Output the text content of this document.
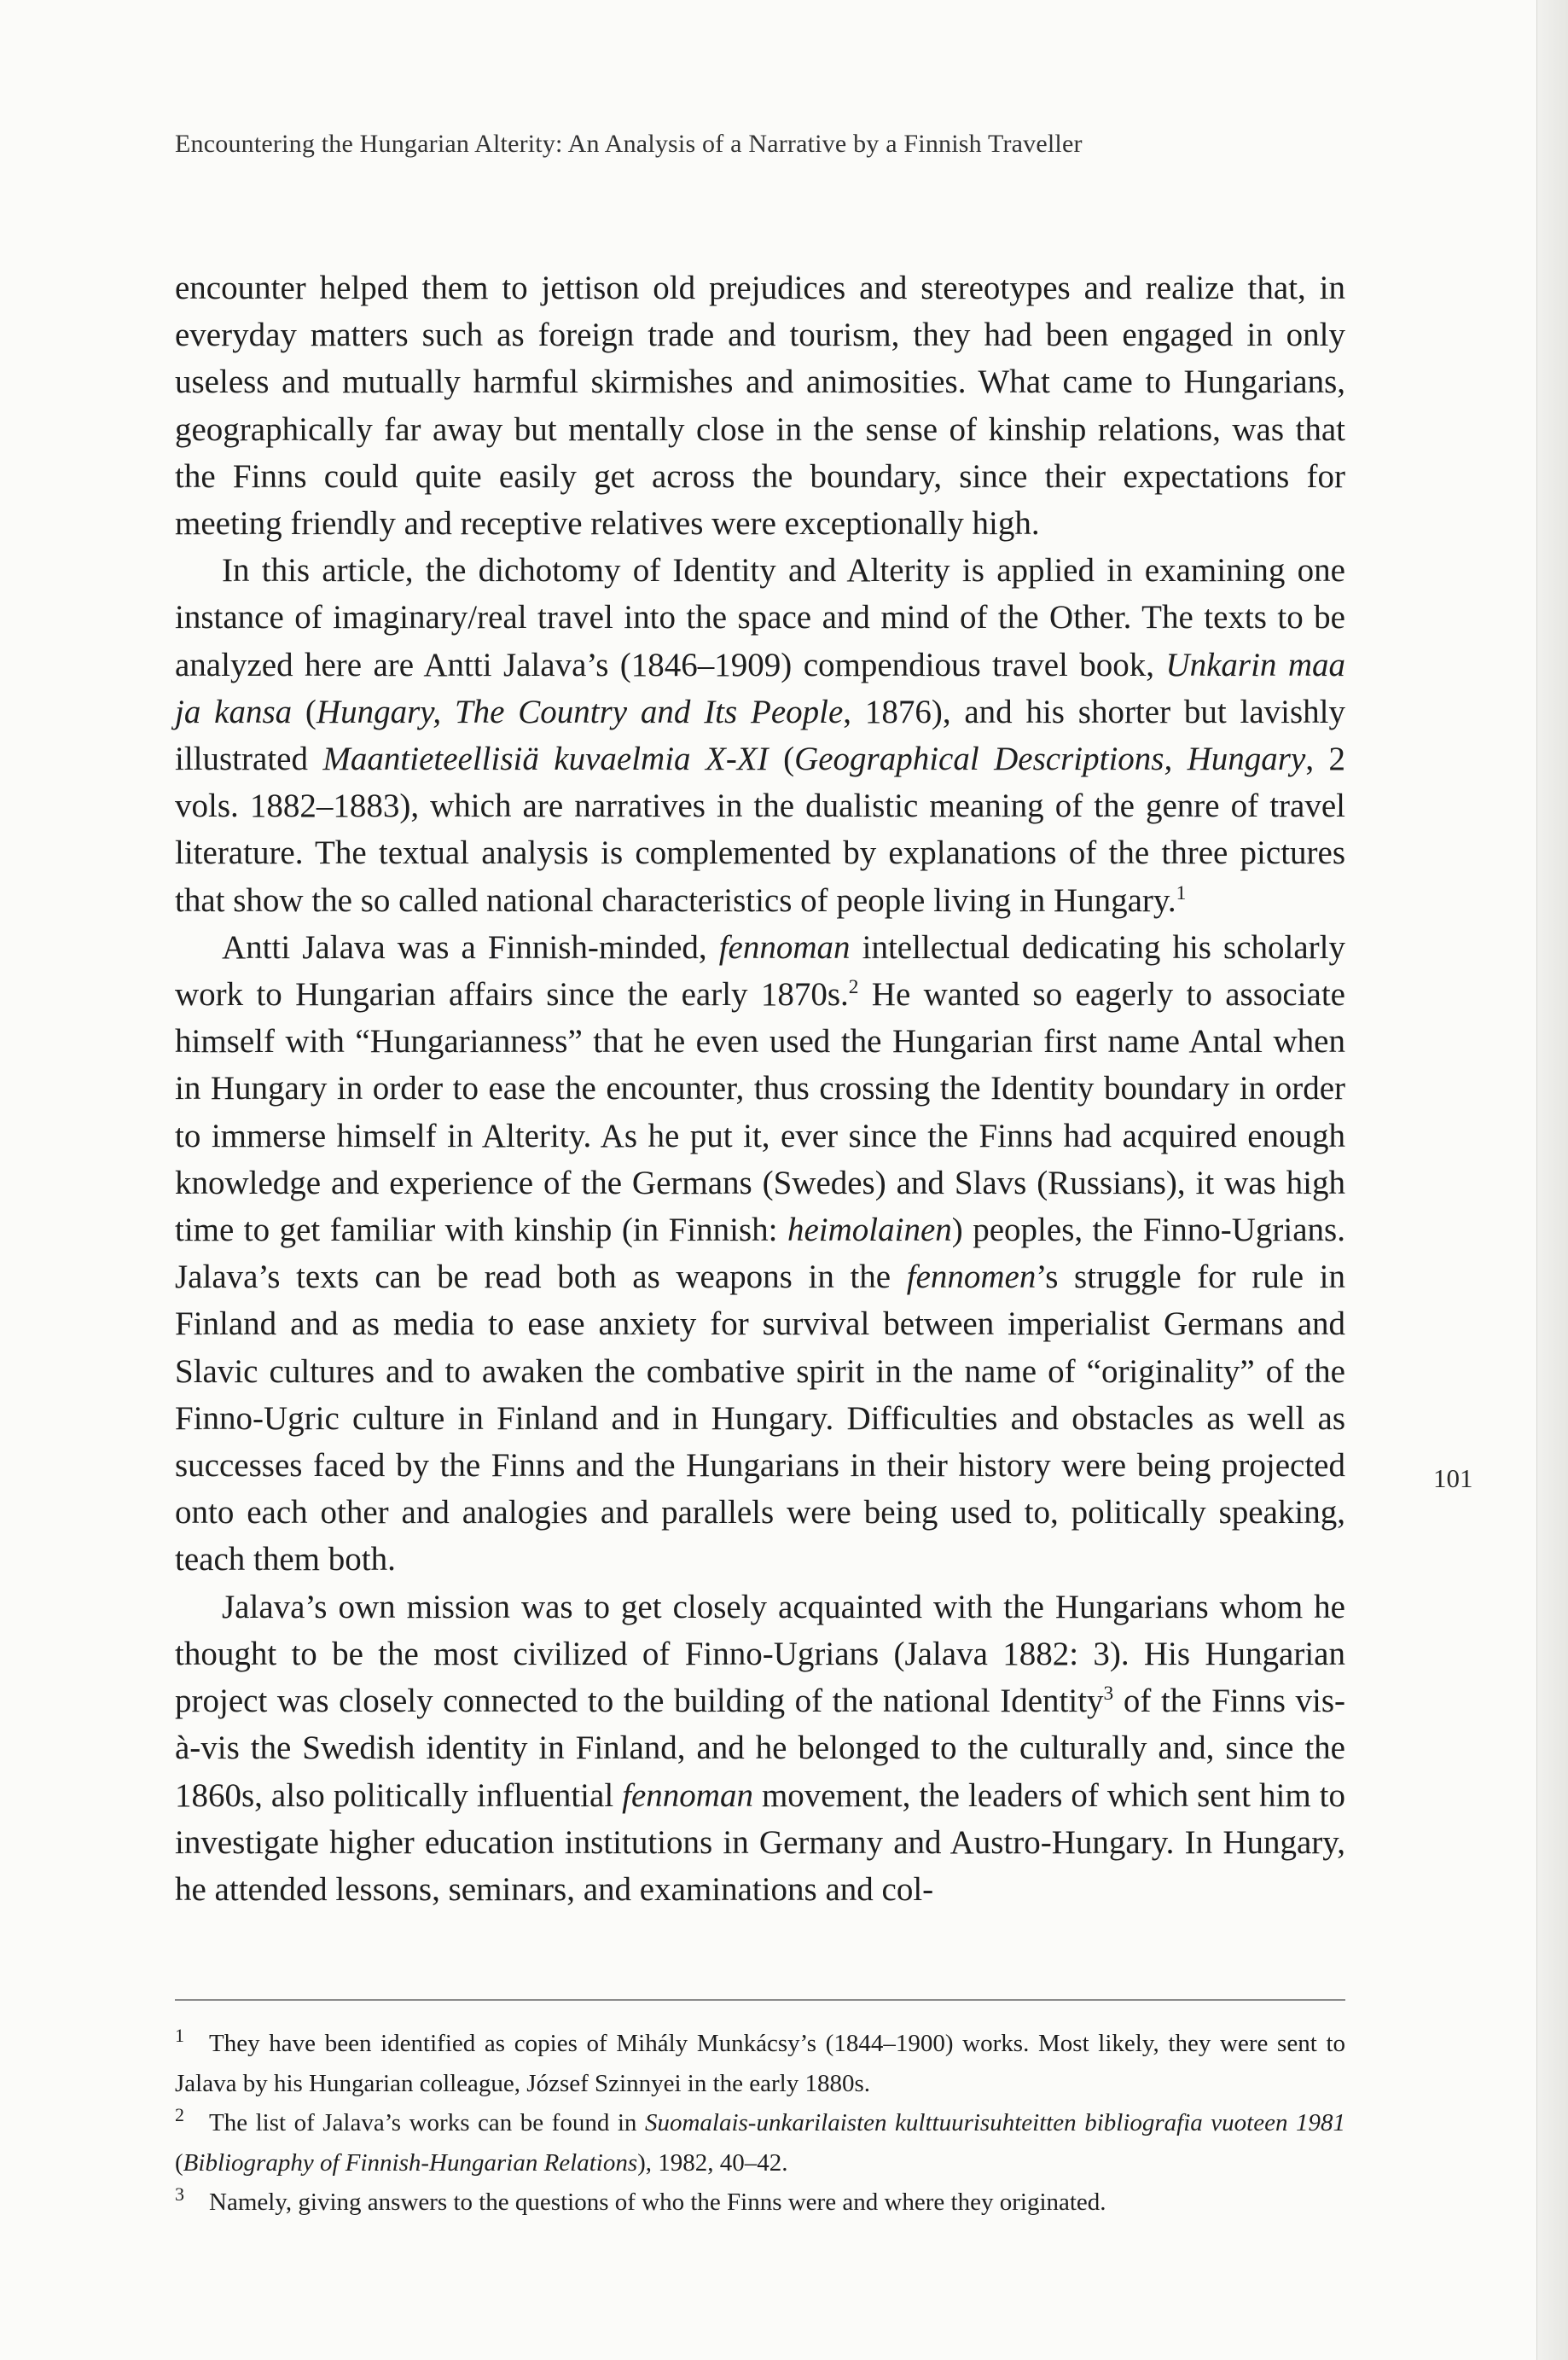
Encountering the Hungarian Alterity: An Analysis of a Narrative by a Finnish Traveller

encounter helped them to jettison old prejudices and stereotypes and realize that, in everyday matters such as foreign trade and tourism, they had been engaged in only useless and mutually harmful skirmishes and animosities. What came to Hungarians, geographically far away but mentally close in the sense of kinship relations, was that the Finns could quite easily get across the boundary, since their expectations for meeting friendly and receptive relatives were exceptionally high.

In this article, the dichotomy of Identity and Alterity is applied in examining one instance of imaginary/real travel into the space and mind of the Other. The texts to be analyzed here are Antti Jalava’s (1846–1909) compendious travel book, Unkarin maa ja kansa (Hungary, The Country and Its People, 1876), and his shorter but lavishly illustrated Maantieteellisiä kuvaelmia X-XI (Geographical Descriptions, Hungary, 2 vols. 1882–1883), which are narratives in the dualistic meaning of the genre of travel literature. The textual analysis is complemented by explanations of the three pictures that show the so called national characteristics of people living in Hungary.$^1$

Antti Jalava was a Finnish-minded, fennoman intellectual dedicating his scholarly work to Hungarian affairs since the early 1870s.$^2$ He wanted so eagerly to associate himself with “Hungarianness” that he even used the Hungarian first name Antal when in Hungary in order to ease the encounter, thus crossing the Identity boundary in order to immerse himself in Alterity. As he put it, ever since the Finns had acquired enough knowledge and experience of the Germans (Swedes) and Slavs (Russians), it was high time to get familiar with kinship (in Finnish: heimolainen) peoples, the Finno-Ugrians. Jalava’s texts can be read both as weapons in the fennomen’s struggle for rule in Finland and as media to ease anxiety for survival between imperialist Germans and Slavic cultures and to awaken the combative spirit in the name of “originality” of the Finno-Ugric culture in Finland and in Hungary. Difficulties and obstacles as well as successes faced by the Finns and the Hungarians in their history were being projected onto each other and analogies and parallels were being used to, politically speaking, teach them both.

Jalava’s own mission was to get closely acquainted with the Hungarians whom he thought to be the most civilized of Finno-Ugrians (Jalava 1882: 3). His Hungarian project was closely connected to the building of the national Identity$^3$ of the Finns vis-à-vis the Swedish identity in Finland, and he belonged to the culturally and, since the 1860s, also politically influential fennoman movement, the leaders of which sent him to investigate higher education institutions in Germany and Austro-Hungary. In Hungary, he attended lessons, seminars, and examinations and col-

101

1 They have been identified as copies of Mihály Munkácsy’s (1844–1900) works. Most likely, they were sent to Jalava by his Hungarian colleague, József Szinnyei in the early 1880s.

2 The list of Jalava’s works can be found in Suomalais-unkarilaisten kulttuurisuhteitten bibliografia vuoteen 1981 (Bibliography of Finnish-Hungarian Relations), 1982, 40–42.

3 Namely, giving answers to the questions of who the Finns were and where they originated.
